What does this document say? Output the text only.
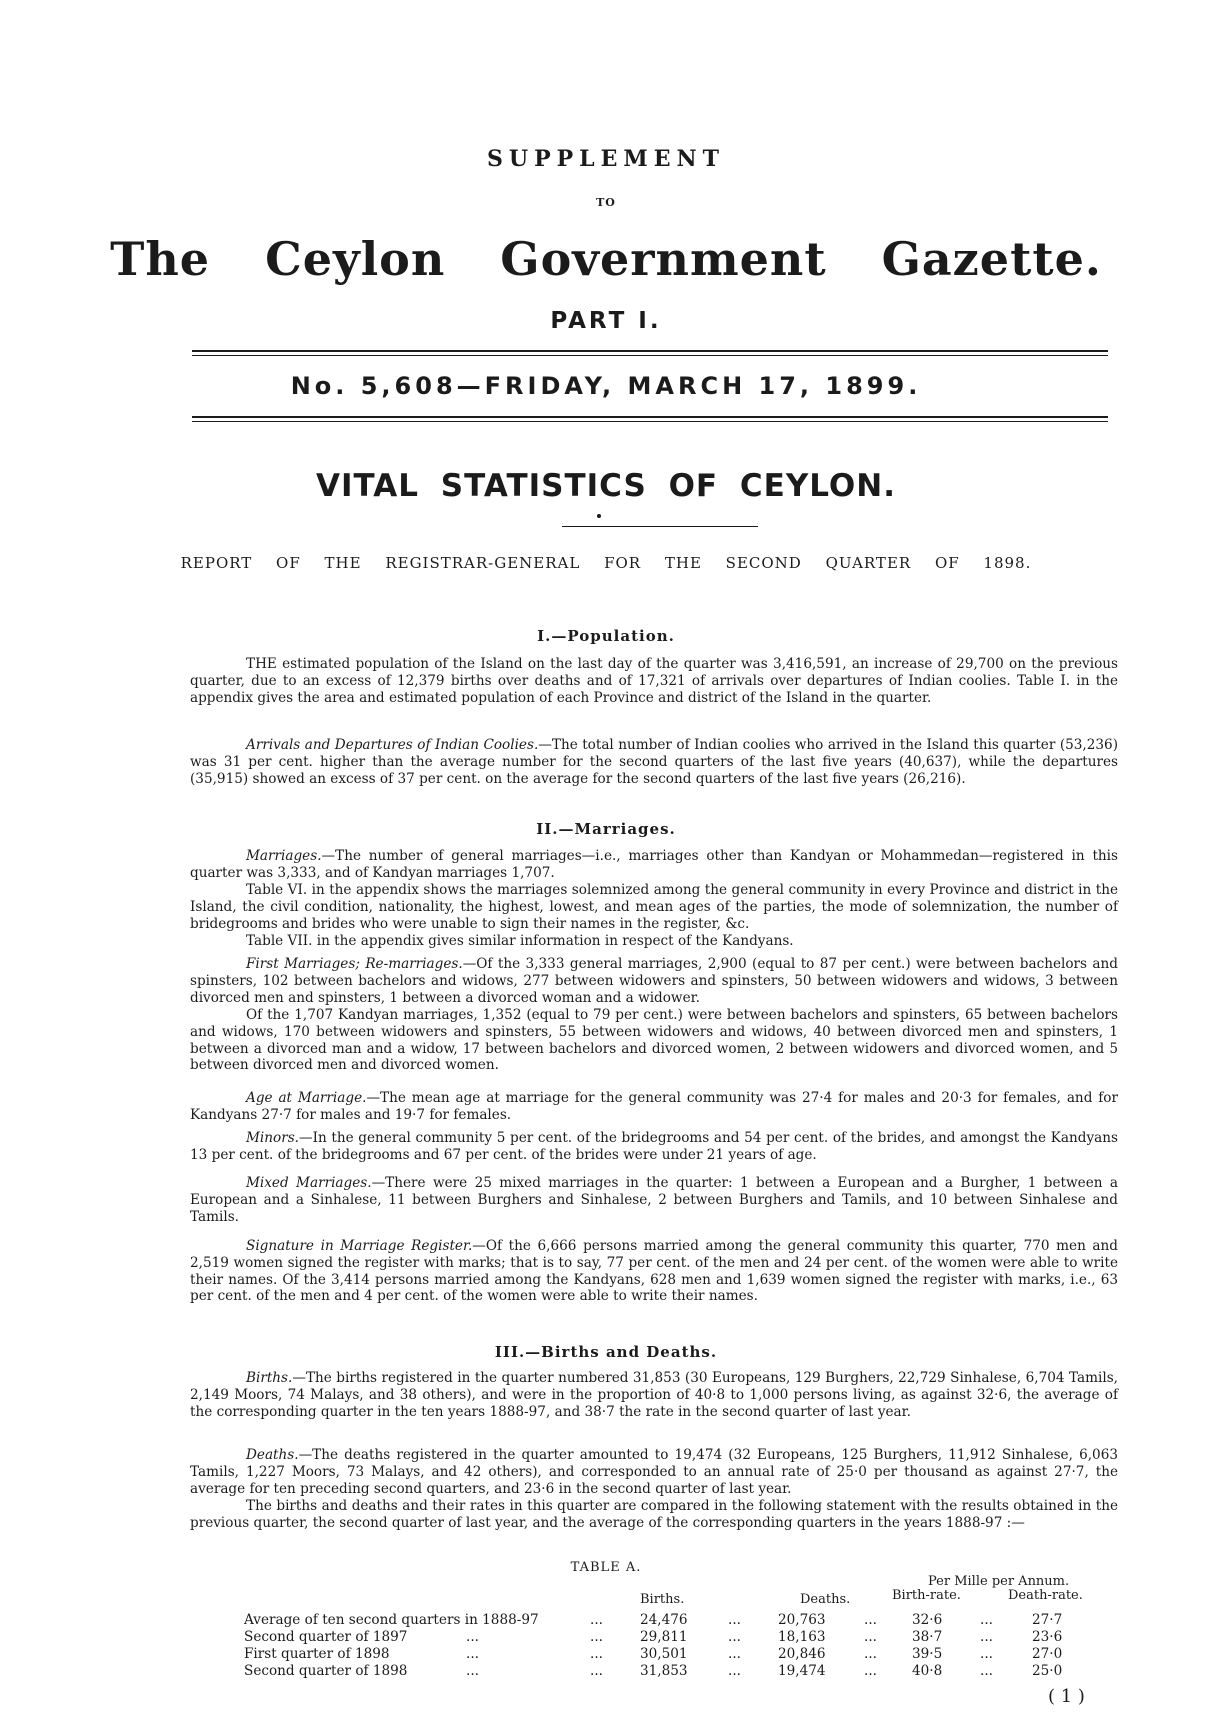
SUPPLEMENT
TO
The Ceylon Government Gazette.
PART I.
No. 5,608—FRIDAY, MARCH 17, 1899.
VITAL STATISTICS OF CEYLON.
REPORT OF THE REGISTRAR-GENERAL FOR THE SECOND QUARTER OF 1898.
I.—Population.

THE estimated population of the Island on the last day of the quarter was 3,416,591, an increase of 29,700 on the previous quarter, due to an excess of 12,379 births over deaths and of 17,321 of arrivals over departures of Indian coolies. Table I. in the appendix gives the area and estimated population of each Province and district of the Island in the quarter.

Arrivals and Departures of Indian Coolies.—The total number of Indian coolies who arrived in the Island this quarter (53,236) was 31 per cent. higher than the average number for the second quarters of the last five years (40,637), while the departures (35,915) showed an excess of 37 per cent. on the average for the second quarters of the last five years (26,216).

II.—Marriages.

Marriages.—The number of general marriages—i.e., marriages other than Kandyan or Mohammedan—registered in this quarter was 3,333, and of Kandyan marriages 1,707.

Table VI. in the appendix shows the marriages solemnized among the general community in every Province and district in the Island, the civil condition, nationality, the highest, lowest, and mean ages of the parties, the mode of solemnization, the number of bridegrooms and brides who were unable to sign their names in the register, &c.

Table VII. in the appendix gives similar information in respect of the Kandyans.

First Marriages; Re-marriages.—Of the 3,333 general marriages, 2,900 (equal to 87 per cent.) were between bachelors and spinsters, 102 between bachelors and widows, 277 between widowers and spinsters, 50 between widowers and widows, 3 between divorced men and spinsters, 1 between a divorced woman and a widower.

Of the 1,707 Kandyan marriages, 1,352 (equal to 79 per cent.) were between bachelors and spinsters, 65 between bachelors and widows, 170 between widowers and spinsters, 55 between widowers and widows, 40 between divorced men and spinsters, 1 between a divorced man and a widow, 17 between bachelors and divorced women, 2 between widowers and divorced women, and 5 between divorced men and divorced women.

Age at Marriage.—The mean age at marriage for the general community was 27·4 for males and 20·3 for females, and for Kandyans 27·7 for males and 19·7 for females.

Minors.—In the general community 5 per cent. of the bridegrooms and 54 per cent. of the brides, and amongst the Kandyans 13 per cent. of the bridegrooms and 67 per cent. of the brides were under 21 years of age.

Mixed Marriages.—There were 25 mixed marriages in the quarter: 1 between a European and a Burgher, 1 between a European and a Sinhalese, 11 between Burghers and Sinhalese, 2 between Burghers and Tamils, and 10 between Sinhalese and Tamils.

Signature in Marriage Register.—Of the 6,666 persons married among the general community this quarter, 770 men and 2,519 women signed the register with marks; that is to say, 77 per cent. of the men and 24 per cent. of the women were able to write their names. Of the 3,414 persons married among the Kandyans, 628 men and 1,639 women signed the register with marks, i.e., 63 per cent. of the men and 4 per cent. of the women were able to write their names.

III.—Births and Deaths.

Births.—The births registered in the quarter numbered 31,853 (30 Europeans, 129 Burghers, 22,729 Sinhalese, 6,704 Tamils, 2,149 Moors, 74 Malays, and 38 others), and were in the proportion of 40·8 to 1,000 persons living, as against 32·6, the average of the corresponding quarter in the ten years 1888-97, and 38·7 the rate in the second quarter of last year.

Deaths.—The deaths registered in the quarter amounted to 19,474 (32 Europeans, 125 Burghers, 11,912 Sinhalese, 6,063 Tamils, 1,227 Moors, 73 Malays, and 42 others), and corresponded to an annual rate of 25·0 per thousand as against 27·7, the average for ten preceding second quarters, and 23·6 in the second quarter of last year.

The births and deaths and their rates in this quarter are compared in the following statement with the results obtained in the previous quarter, the second quarter of last year, and the average of the corresponding quarters in the years 1888-97 :—

TABLE A.
Per Mille per Annum.
Births.	Deaths.	Birth-rate.	Death-rate.
Average of ten second quarters in 1888-97	...	24,476	...	20,763	...	32·6	...	27·7
Second quarter of 1897	...	...	29,811	...	18,163	...	38·7	...	23·6
First quarter of 1898	...	...	30,501	...	20,846	...	39·5	...	27·0
Second quarter of 1898	...	...	31,853	...	19,474	...	40·8	...	25·0
( 1 )
